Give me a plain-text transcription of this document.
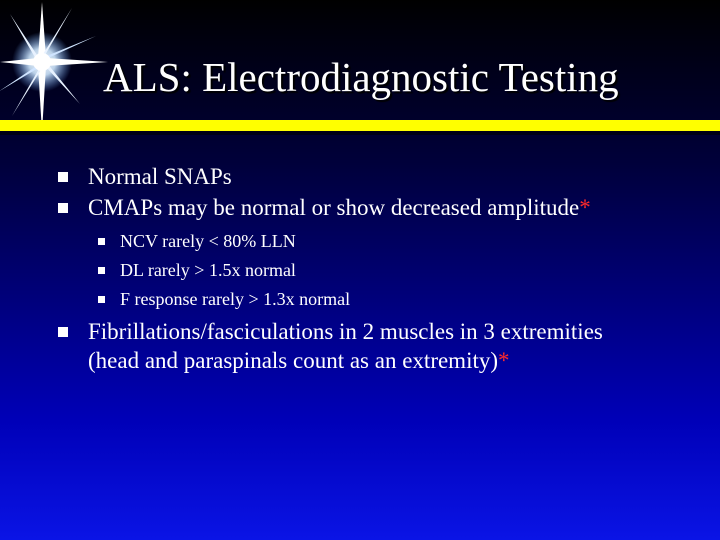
ALS: Electrodiagnostic Testing
Normal SNAPs
CMAPs may be normal or show decreased amplitude*
NCV rarely < 80% LLN
DL rarely > 1.5x normal
F response rarely > 1.3x normal
Fibrillations/fasciculations in 2 muscles in 3 extremities
(head and paraspinals count as an extremity)*
